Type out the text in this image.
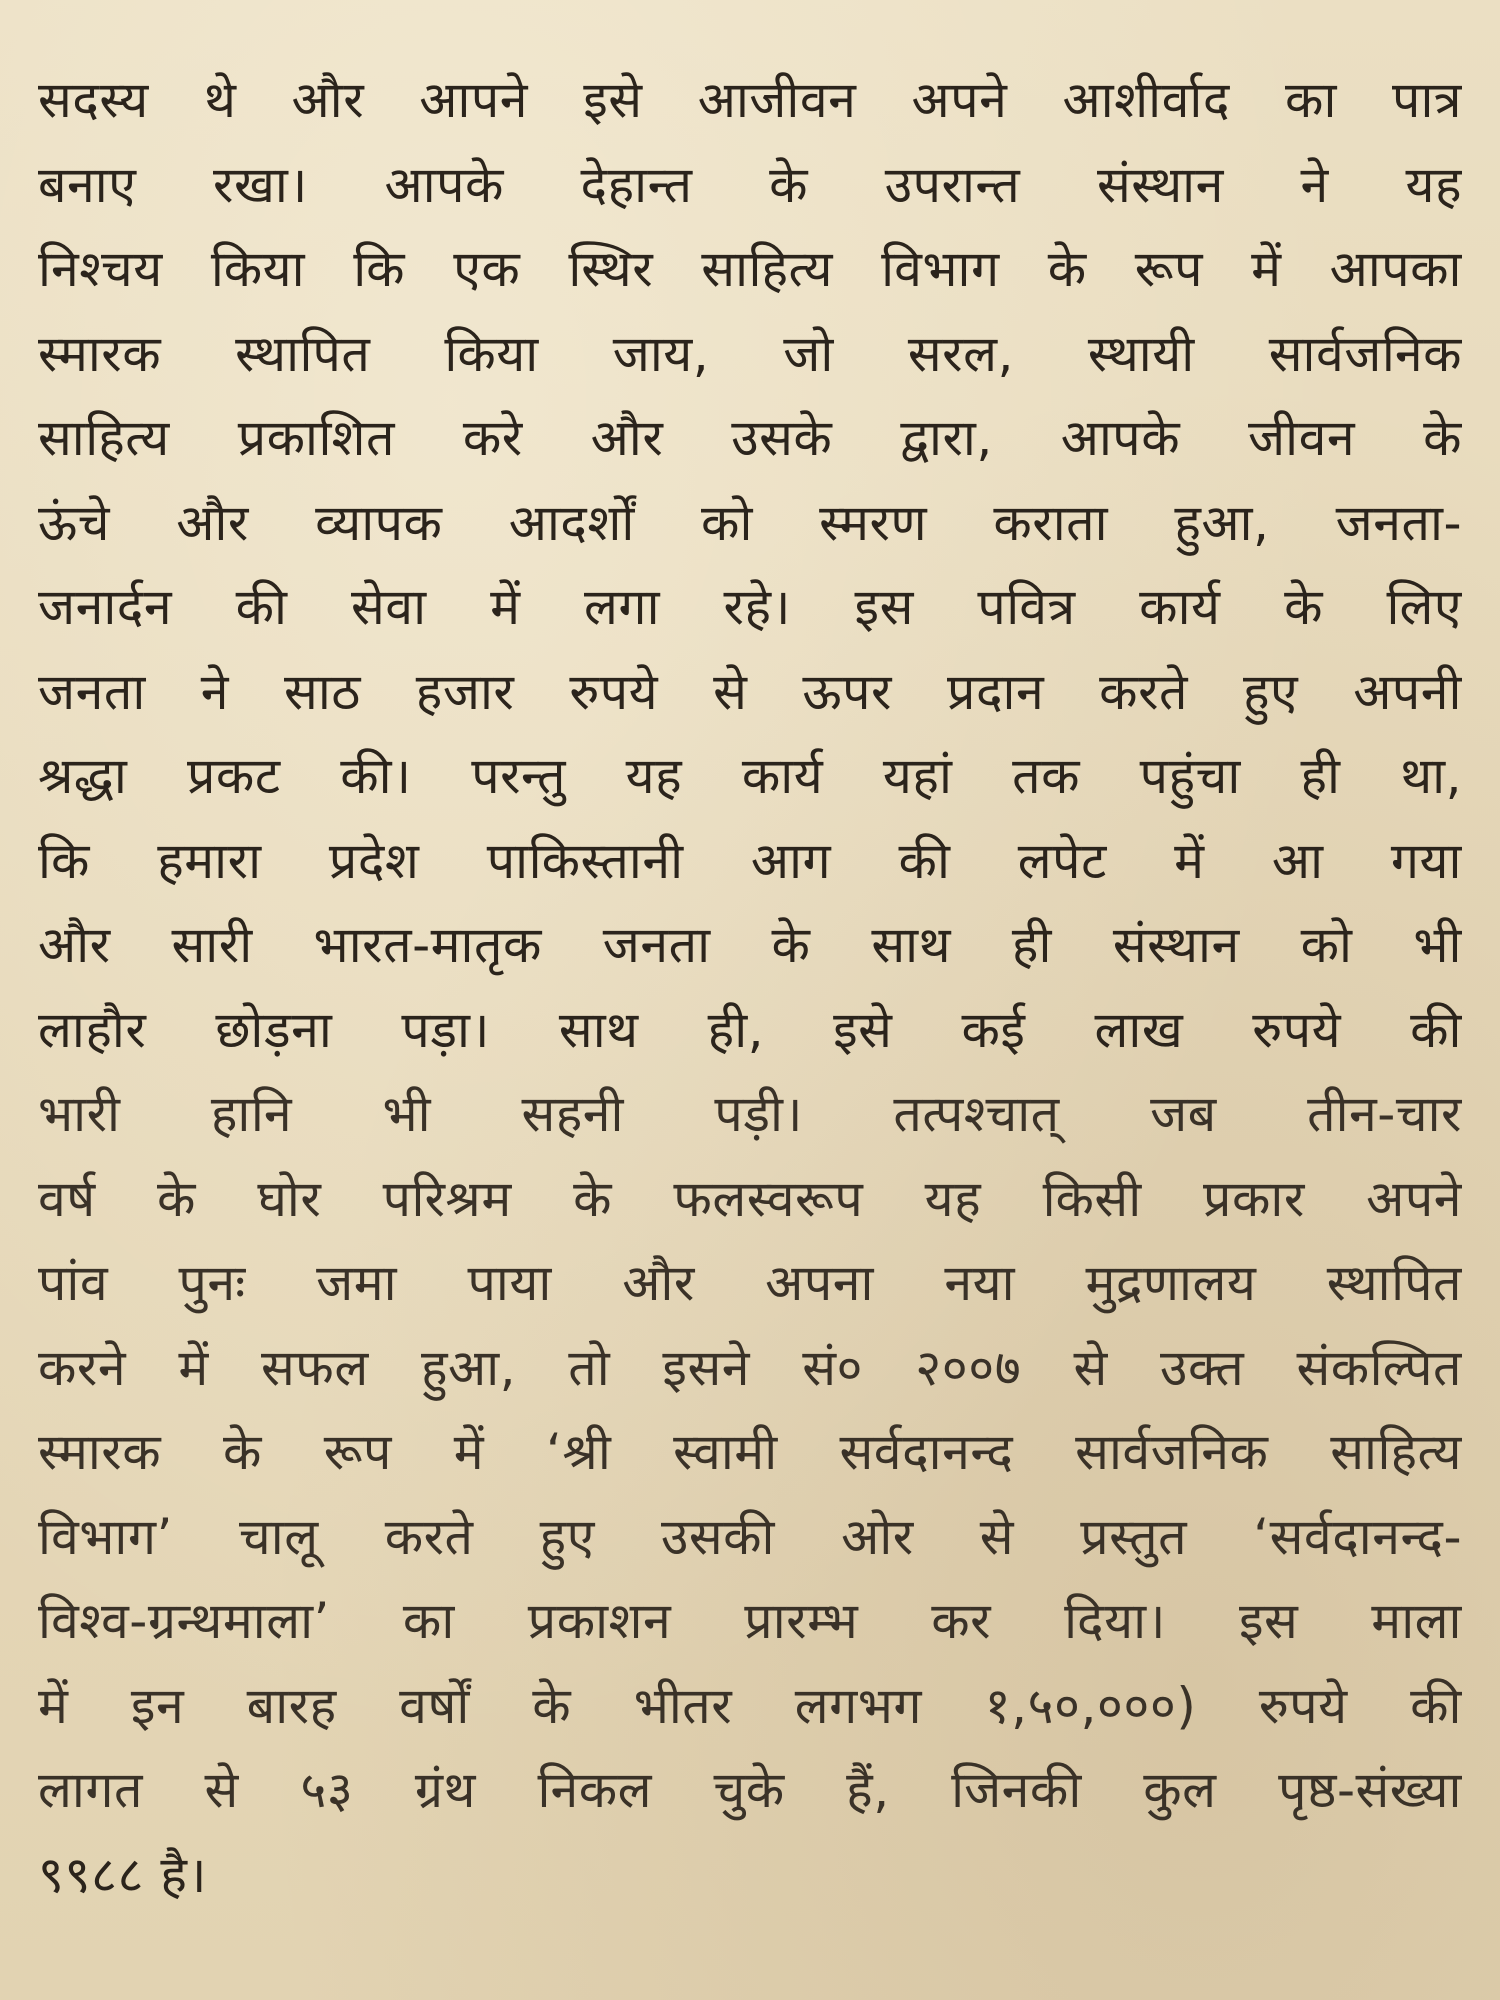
सदस्य थे और आपने इसे आजीवन अपने आशीर्वाद का पात्र
बनाए रखा। आपके देहान्त के उपरान्त संस्थान ने यह
निश्चय किया कि एक स्थिर साहित्य विभाग के रूप में आपका
स्मारक स्थापित किया जाय, जो सरल, स्थायी सार्वजनिक
साहित्य प्रकाशित करे और उसके द्वारा, आपके जीवन के
ऊंचे और व्यापक आदर्शों को स्मरण कराता हुआ, जनता-
जनार्दन की सेवा में लगा रहे। इस पवित्र कार्य के लिए
जनता ने साठ हजार रुपये से ऊपर प्रदान करते हुए अपनी
श्रद्धा प्रकट की। परन्तु यह कार्य यहां तक पहुंचा ही था,
कि हमारा प्रदेश पाकिस्तानी आग की लपेट में आ गया
और सारी भारत-मातृक जनता के साथ ही संस्थान को भी
लाहौर छोड़ना पड़ा। साथ ही, इसे कई लाख रुपये की
भारी हानि भी सहनी पड़ी। तत्पश्चात् जब तीन-चार
वर्ष के घोर परिश्रम के फलस्वरूप यह किसी प्रकार अपने
पांव पुनः जमा पाया और अपना नया मुद्रणालय स्थापित
करने में सफल हुआ, तो इसने सं० २००७ से उक्त संकल्पित
स्मारक के रूप में ‘श्री स्वामी सर्वदानन्द सार्वजनिक साहित्य
विभाग’ चालू करते हुए उसकी ओर से प्रस्तुत ‘सर्वदानन्द-
विश्व-ग्रन्थमाला’ का प्रकाशन प्रारम्भ कर दिया। इस माला
में इन बारह वर्षों के भीतर लगभग १,५०,०००) रुपये की
लागत से ५३ ग्रंथ निकल चुके हैं, जिनकी कुल पृष्ठ-संख्या
९९८८ है।
